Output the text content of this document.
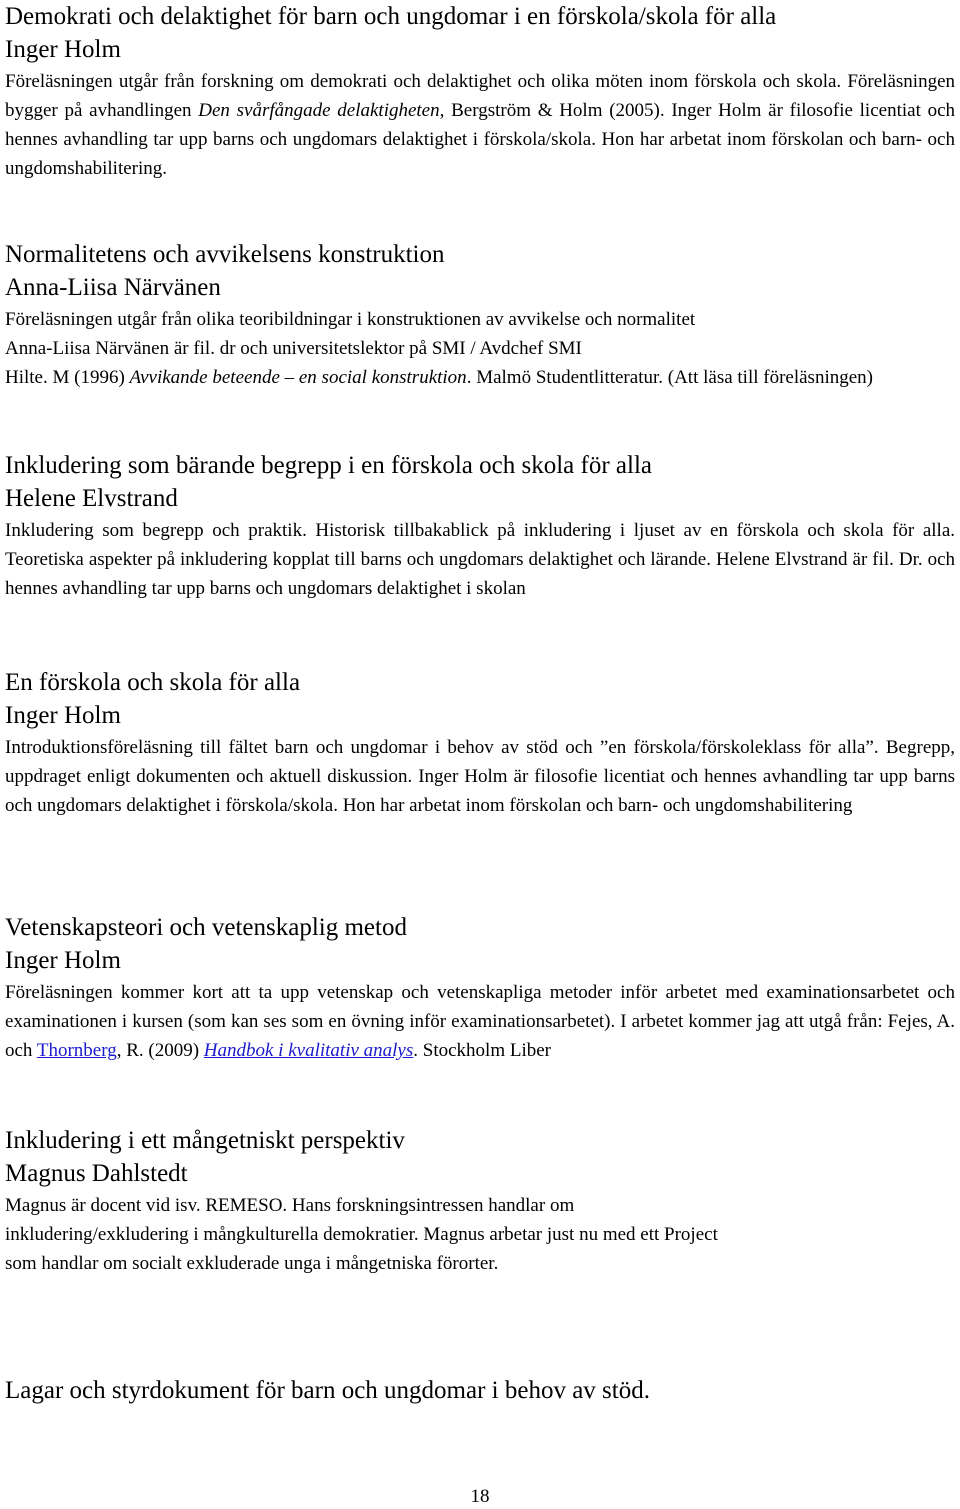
Demokrati och delaktighet för barn och ungdomar i en förskola/skola för alla
Inger Holm

Föreläsningen utgår från forskning om demokrati och delaktighet och olika möten inom förskola och skola. Föreläsningen bygger på avhandlingen Den svårfångade delaktigheten, Bergström & Holm (2005). Inger Holm är filosofie licentiat och hennes avhandling tar upp barns och ungdomars delaktighet i förskola/skola. Hon har arbetat inom förskolan och barn- och ungdomshabilitering.

Normalitetens och avvikelsens konstruktion
Anna-Liisa Närvänen

Föreläsningen utgår från olika teoribildningar i konstruktionen av avvikelse och normalitet
Anna-Liisa Närvänen är fil. dr och universitetslektor på SMI / Avdchef SMI
Hilte. M (1996) Avvikande beteende – en social konstruktion. Malmö Studentlitteratur. (Att läsa till föreläsningen)

Inkludering som bärande begrepp i en förskola och skola för alla
Helene Elvstrand

Inkludering som begrepp och praktik. Historisk tillbakablick på inkludering i ljuset av en förskola och skola för alla. Teoretiska aspekter på inkludering kopplat till barns och ungdomars delaktighet och lärande. Helene Elvstrand är fil. Dr. och hennes avhandling tar upp barns och ungdomars delaktighet i skolan

En förskola och skola för alla
Inger Holm

Introduktionsföreläsning till fältet barn och ungdomar i behov av stöd och ”en förskola/förskoleklass för alla”. Begrepp, uppdraget enligt dokumenten och aktuell diskussion. Inger Holm är filosofie licentiat och hennes avhandling tar upp barns och ungdomars delaktighet i förskola/skola. Hon har arbetat inom förskolan och barn- och ungdomshabilitering

Vetenskapsteori och vetenskaplig metod
Inger Holm

Föreläsningen kommer kort att ta upp vetenskap och vetenskapliga metoder inför arbetet med examinationsarbetet och examinationen i kursen (som kan ses som en övning inför examinationsarbetet). I arbetet kommer jag att utgå från: Fejes, A. och Thornberg, R. (2009) Handbok i kvalitativ analys. Stockholm Liber

Inkludering i ett mångetniskt perspektiv
Magnus Dahlstedt

Magnus är docent vid isv. REMESO. Hans forskningsintressen handlar om
inkludering/exkludering i mångkulturella demokratier. Magnus arbetar just nu med ett Project
som handlar om socialt exkluderade unga i mångetniska förorter.

Lagar och styrdokument för barn och ungdomar i behov av stöd.
18
